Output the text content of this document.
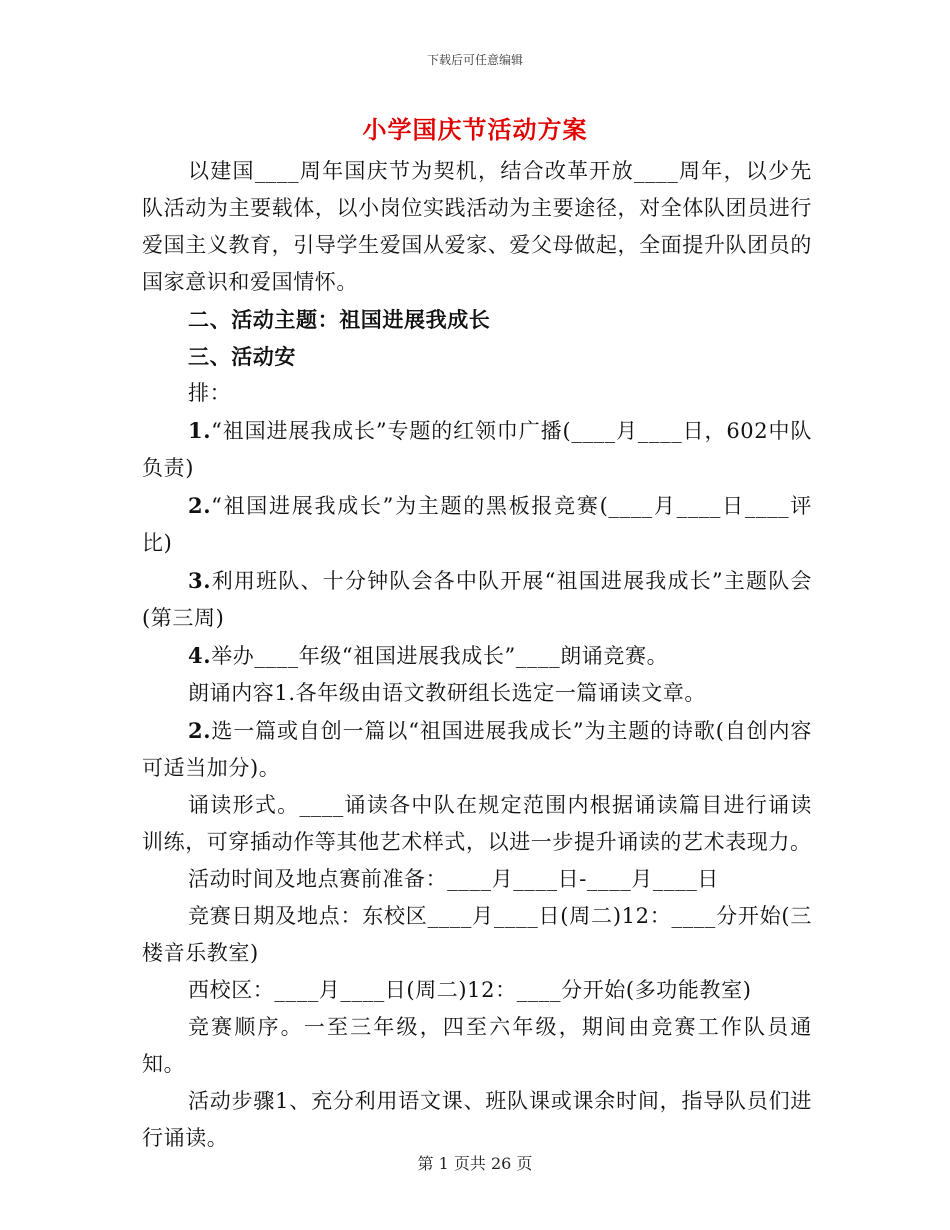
下载后可任意编辑
小学国庆节活动方案

以建国____周年国庆节为契机，结合改革开放____周年，以少先队活动为主要载体，以小岗位实践活动为主要途径，对全体队团员进行爱国主义教育，引导学生爱国从爱家、爱父母做起，全面提升队团员的国家意识和爱国情怀。

二、活动主题：祖国进展我成长

三、活动安

排：

1.“祖国进展我成长”专题的红领巾广播(____月____日，602中队负责)

2.“祖国进展我成长”为主题的黑板报竞赛(____月____日____评比)

3.利用班队、十分钟队会各中队开展“祖国进展我成长”主题队会(第三周)

4.举办____年级“祖国进展我成长”____朗诵竞赛。

朗诵内容1.各年级由语文教研组长选定一篇诵读文章。

2.选一篇或自创一篇以“祖国进展我成长”为主题的诗歌(自创内容可适当加分)。

诵读形式。____诵读各中队在规定范围内根据诵读篇目进行诵读训练，可穿插动作等其他艺术样式，以进一步提升诵读的艺术表现力。

活动时间及地点赛前准备：____月____日-____月____日

竞赛日期及地点：东校区____月____日(周二)12：____分开始(三楼音乐教室)

西校区：____月____日(周二)12：____分开始(多功能教室)

竞赛顺序。一至三年级，四至六年级，期间由竞赛工作队员通知。

活动步骤1、充分利用语文课、班队课或课余时间，指导队员们进行诵读。

第 1 页共 26 页
